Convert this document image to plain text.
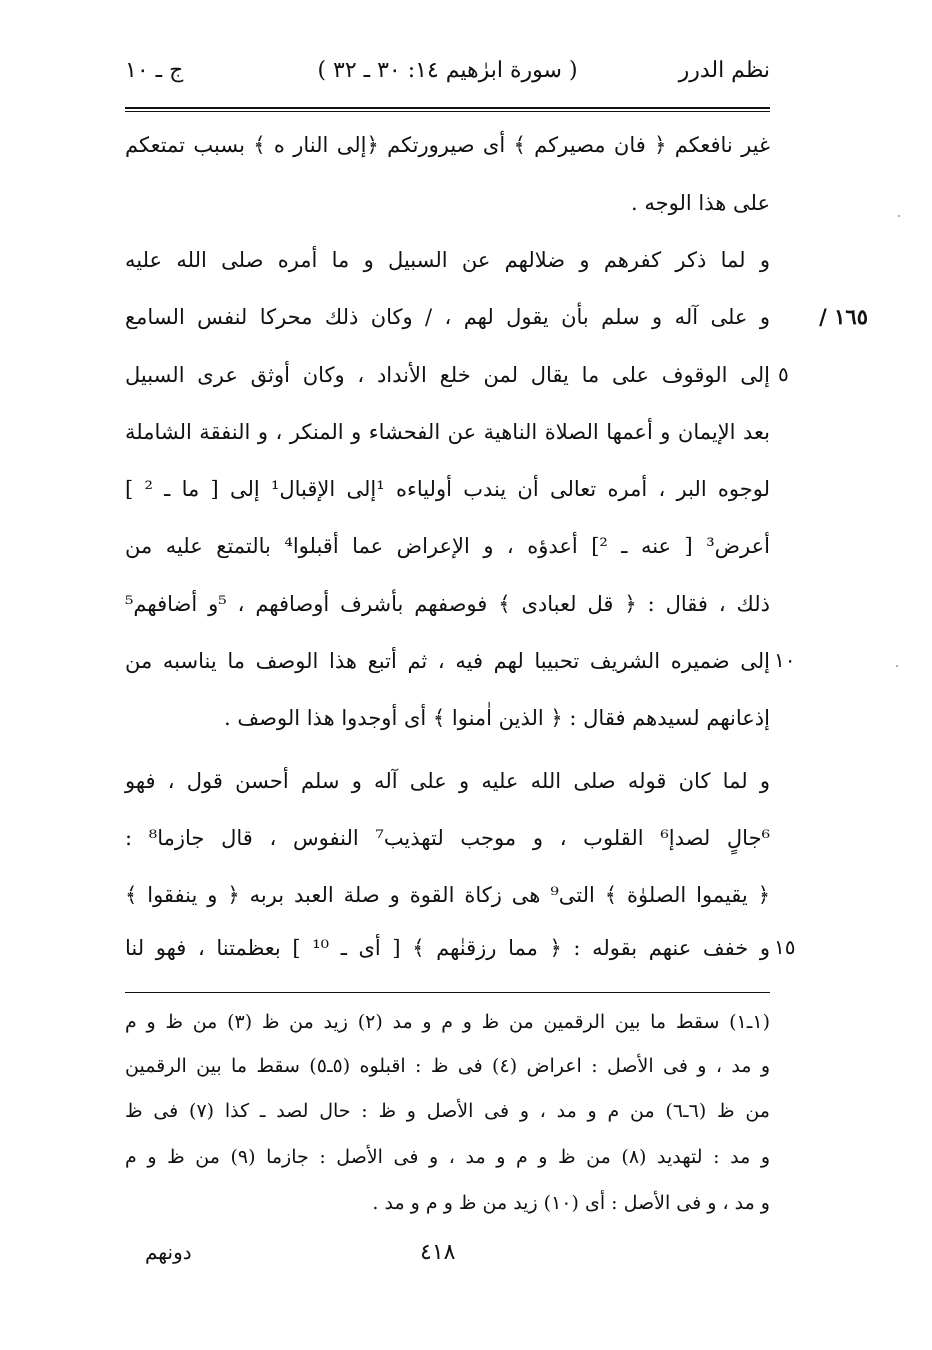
نظم الدرر
( سورة ابرٰهيم ١٤: ٣٠ ـ ٣٢ )
ج ـ ١٠
غير نافعكم ﴿ فان مصيركم ﴾ أى صيرورتكم ﴿إلى النار ه ﴾ بسبب تمتعكم
على هذا الوجه .
و لما ذكر كفرهم و ضلالهم عن السبيل و ما أمره صلى الله عليه
و على آله و سلم بأن يقول لهم ، / وكان ذلك محركا لنفس السامع
إلى الوقوف على ما يقال لمن خلع الأنداد ، وكان أوثق عرى السبيل
بعد الإيمان و أعمها الصلاة الناهية عن الفحشاء و المنكر ، و النفقة الشاملة
لوجوه البر ، أمره تعالى أن يندب أولياءه ¹إلى الإقبال¹ إلى [ ما ـ ² ]
أعرض³ [ عنه ـ ²] أعدؤه ، و الإعراض عما أقبلوا⁴ بالتمتع عليه من
ذلك ، فقال : ﴿ قل لعبادى ﴾ فوصفهم بأشرف أوصافهم ، ⁵و أضافهم⁵
إلى ضميره الشريف تحبيبا لهم فيه ، ثم أتبع هذا الوصف ما يناسبه من
إذعانهم لسيدهم فقال : ﴿ الذين اٰمنوا ﴾ أى أوجدوا هذا الوصف .
و لما كان قوله صلى الله عليه و على آله و سلم أحسن قول ، فهو
⁶جالٍ لصدإ⁶ القلوب ، و موجب لتهذيب⁷ النفوس ، قال جازما⁸ :
﴿ يقيموا الصلوٰة ﴾ التى⁹ هى زكاة القوة و صلة العبد بربه ﴿ و ينفقوا ﴾
و خفف عنهم بقوله : ﴿ مما رزقنٰهم ﴾ [ أى ـ ¹⁰ ] بعظمتنا ، فهو لنا
١٦٥ /
٥
١٠
١٥
(١ـ١) سقط ما بين الرقمين من ظ و م و مد (٢) زيد من ظ (٣) من ظ و م
و مد ، و فى الأصل : اعراض (٤) فى ظ : اقبلوه (٥ـ٥) سقط ما بين الرقمين
من ظ (٦ـ٦) من م و مد ، و فى الأصل و ظ : حال لصد ـ كذا (٧) فى ظ
و مد : لتهديد (٨) من ظ و م و مد ، و فى الأصل : جازما (٩) من ظ و م
و مد ، و فى الأصل : أى (١٠) زيد من ظ و م و مد .
٤١٨
دونهم
